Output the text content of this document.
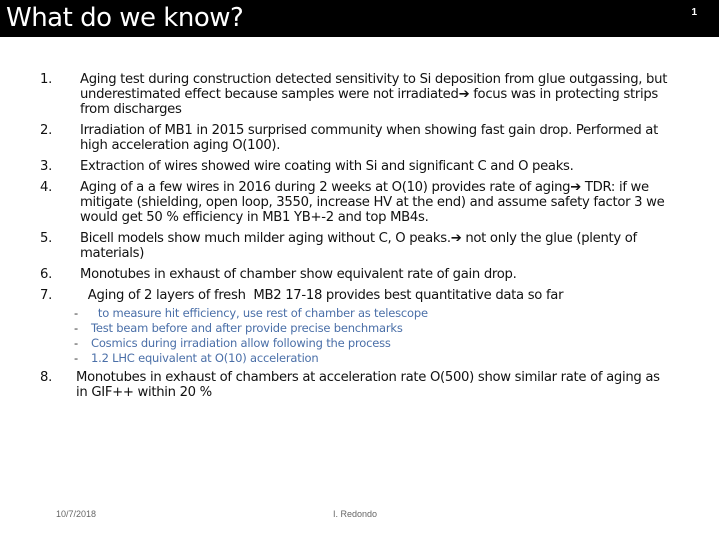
What do we know?	1
1.	Aging test during construction detected sensitivity to Si deposition from glue outgassing, but underestimated effect because samples were not irradiated➔ focus was in protecting strips from discharges
2.	Irradiation of MB1 in 2015 surprised community when showing fast gain drop. Performed at high acceleration aging O(100).
3.	Extraction of wires showed wire coating with Si and significant C and O peaks.
4.	Aging of a a few wires in 2016 during 2 weeks at O(10) provides rate of aging➔ TDR: if we mitigate (shielding, open loop, 3550, increase HV at the end) and assume safety factor 3 we would get 50 % efficiency in MB1 YB+-2 and top MB4s.
5.	Bicell models show much milder aging without C, O peaks.➔ not only the glue (plenty of materials)
6.	Monotubes in exhaust of chamber show equivalent rate of gain drop.
7.	Aging of 2 layers of fresh  MB2 17-18 provides best quantitative data so far
-	to measure hit efficiency, use rest of chamber as telescope
-	Test beam before and after provide precise benchmarks
-	Cosmics during irradiation allow following the process
-	1.2 LHC equivalent at O(10) acceleration
8.	Monotubes in exhaust of chambers at acceleration rate O(500) show similar rate of aging as in GIF++ within 20 %
10/7/2018	I. Redondo
